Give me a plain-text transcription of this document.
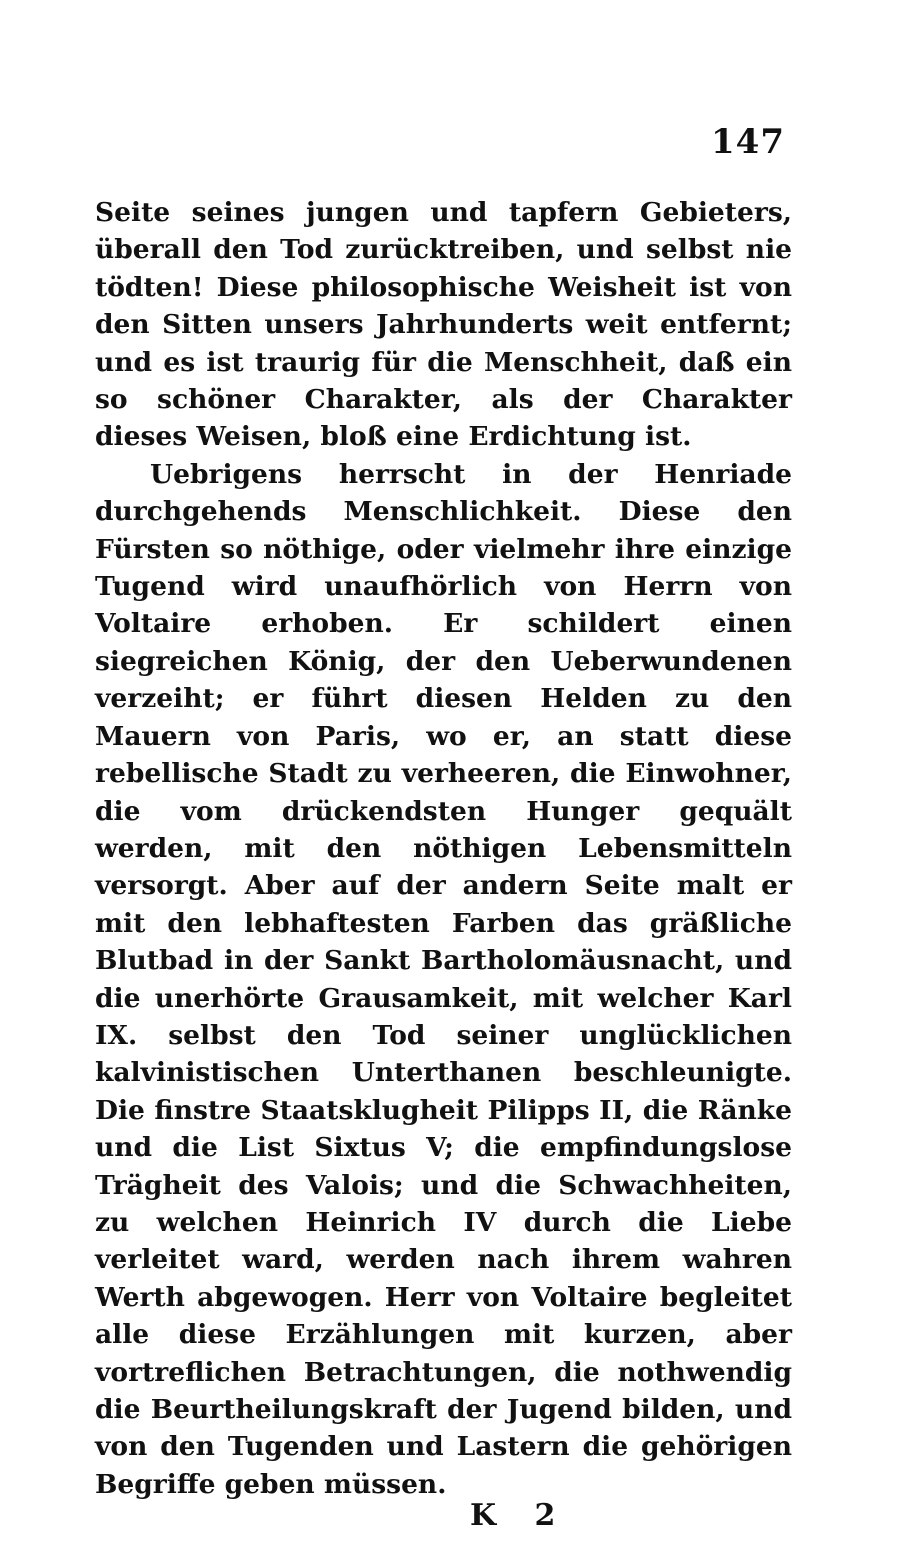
147

Seite seines jungen und tapfern Gebieters, überall den Tod zurücktreiben, und selbst nie tödten! Diese philosophische Weisheit ist von den Sitten unsers Jahrhunderts weit entfernt; und es ist traurig für die Menschheit, daß ein so schöner Charakter, als der Charakter dieses Weisen, bloß eine Erdichtung ist.

Uebrigens herrscht in der Henriade durchgehends Menschlichkeit. Diese den Fürsten so nöthige, oder vielmehr ihre einzige Tugend wird unaufhörlich von Herrn von Voltaire erhoben. Er schildert einen siegreichen König, der den Ueberwundenen verzeiht; er führt diesen Helden zu den Mauern von Paris, wo er, an statt diese rebellische Stadt zu verheeren, die Einwohner, die vom drückendsten Hunger gequält werden, mit den nöthigen Lebensmitteln versorgt. Aber auf der andern Seite malt er mit den lebhaftesten Farben das gräßliche Blutbad in der Sankt Bartholomäusnacht, und die unerhörte Grausamkeit, mit welcher Karl IX. selbst den Tod seiner unglücklichen kalvinistischen Unterthanen beschleunigte. Die finstre Staatsklugheit Pilipps II, die Ränke und die List Sixtus V; die empfindungslose Trägheit des Valois; und die Schwachheiten, zu welchen Heinrich IV durch die Liebe verleitet ward, werden nach ihrem wahren Werth abgewogen. Herr von Voltaire begleitet alle diese Erzählungen mit kurzen, aber vortreflichen Betrachtungen, die nothwendig die Beurtheilungskraft der Jugend bilden, und von den Tugenden und Lastern die gehörigen Begriffe geben müssen.

K 2
